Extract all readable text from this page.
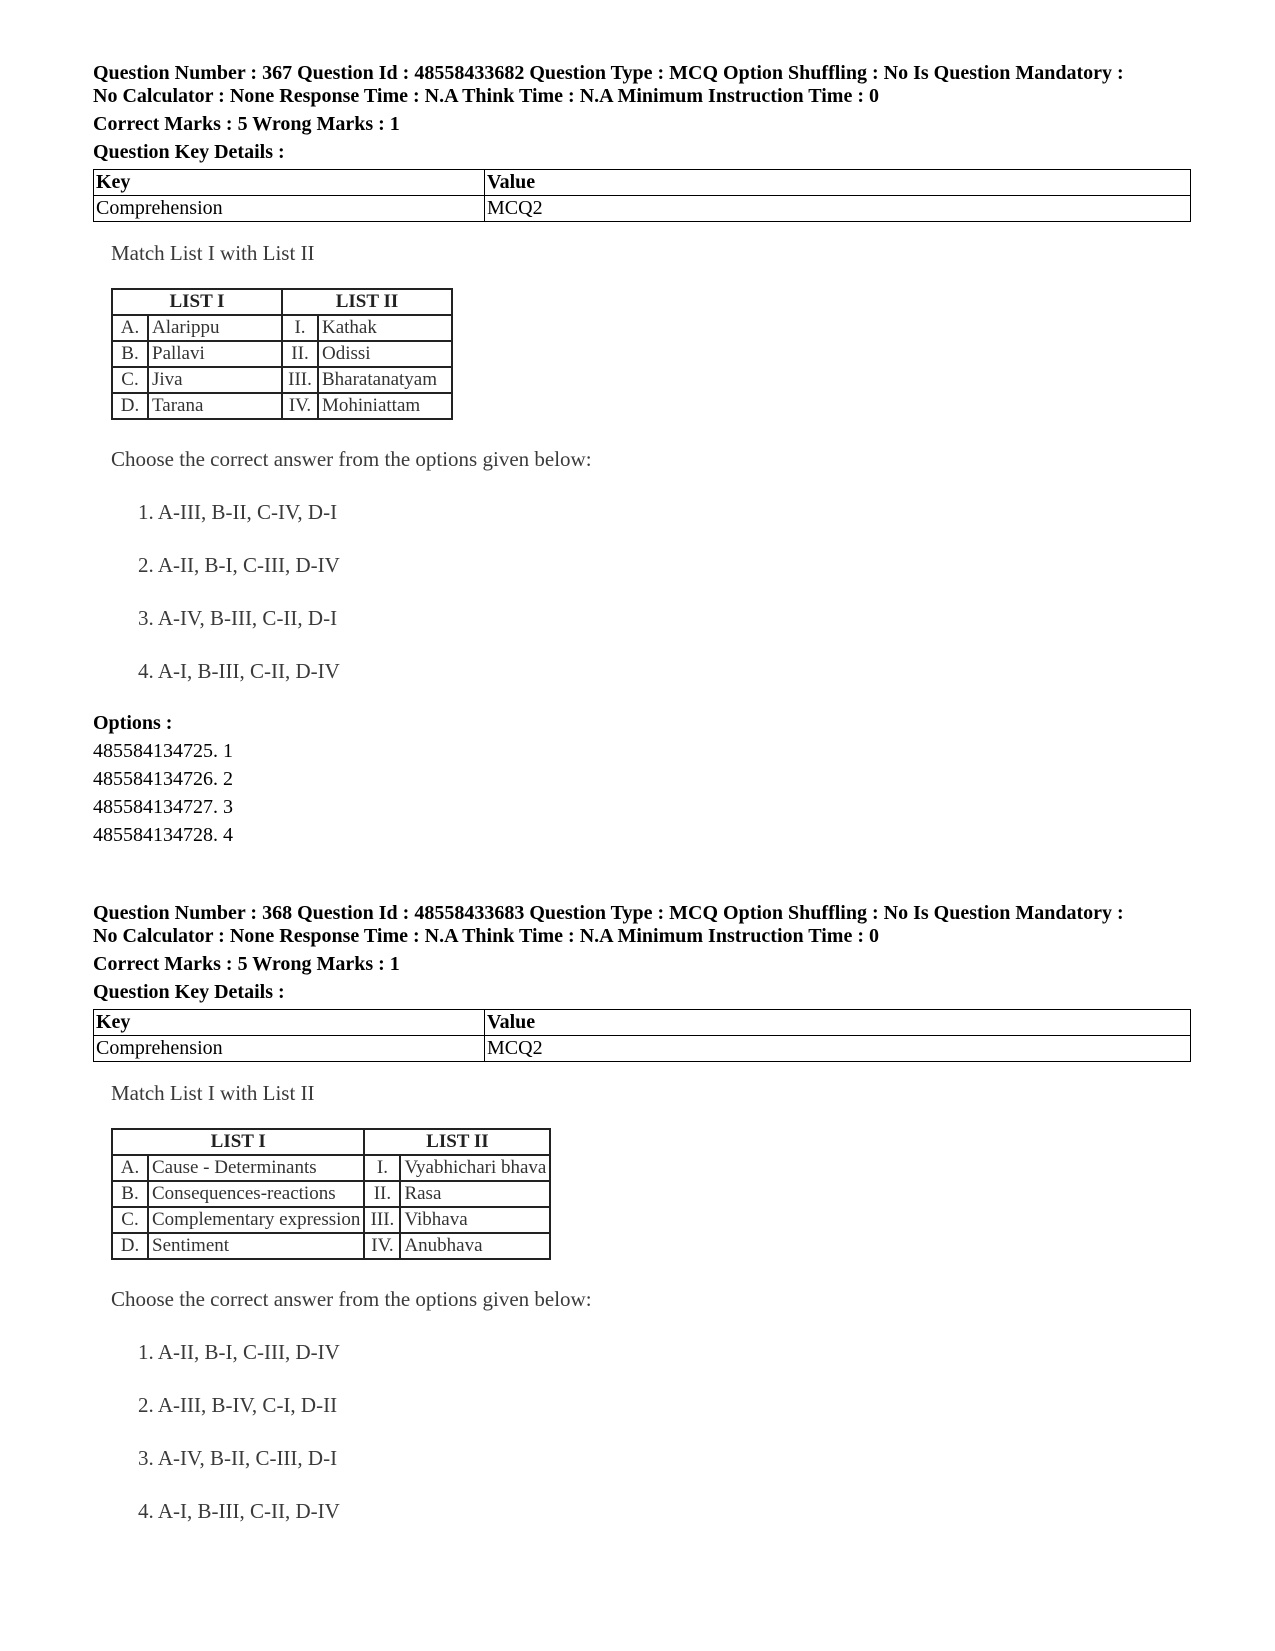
Question Number : 367 Question Id : 48558433682 Question Type : MCQ Option Shuffling : No Is Question Mandatory :
No Calculator : None Response Time : N.A Think Time : N.A Minimum Instruction Time : 0
Correct Marks : 5 Wrong Marks : 1
Question Key Details :
Key	Value
Comprehension	MCQ2
Match List I with List II
LIST I		LIST II	
A.	Alarippu	I.	Kathak
B.	Pallavi	II.	Odissi
C.	Jiva	III.	Bharatanatyam
D.	Tarana	IV.	Mohiniattam
Choose the correct answer from the options given below:
1. A-III, B-II, C-IV, D-I
2. A-II, B-I, C-III, D-IV
3. A-IV, B-III, C-II, D-I
4. A-I, B-III, C-II, D-IV
Options :
485584134725. 1
485584134726. 2
485584134727. 3
485584134728. 4
Question Number : 368 Question Id : 48558433683 Question Type : MCQ Option Shuffling : No Is Question Mandatory :
No Calculator : None Response Time : N.A Think Time : N.A Minimum Instruction Time : 0
Correct Marks : 5 Wrong Marks : 1
Question Key Details :
Key	Value
Comprehension	MCQ2
Match List I with List II
LIST I		LIST II	
A.	Cause - Determinants	I.	Vyabhichari bhava
B.	Consequences-reactions	II.	Rasa
C.	Complementary expression	III.	Vibhava
D.	Sentiment	IV.	Anubhava
Choose the correct answer from the options given below:
1. A-II, B-I, C-III, D-IV
2. A-III, B-IV, C-I, D-II
3. A-IV, B-II, C-III, D-I
4. A-I, B-III, C-II, D-IV
